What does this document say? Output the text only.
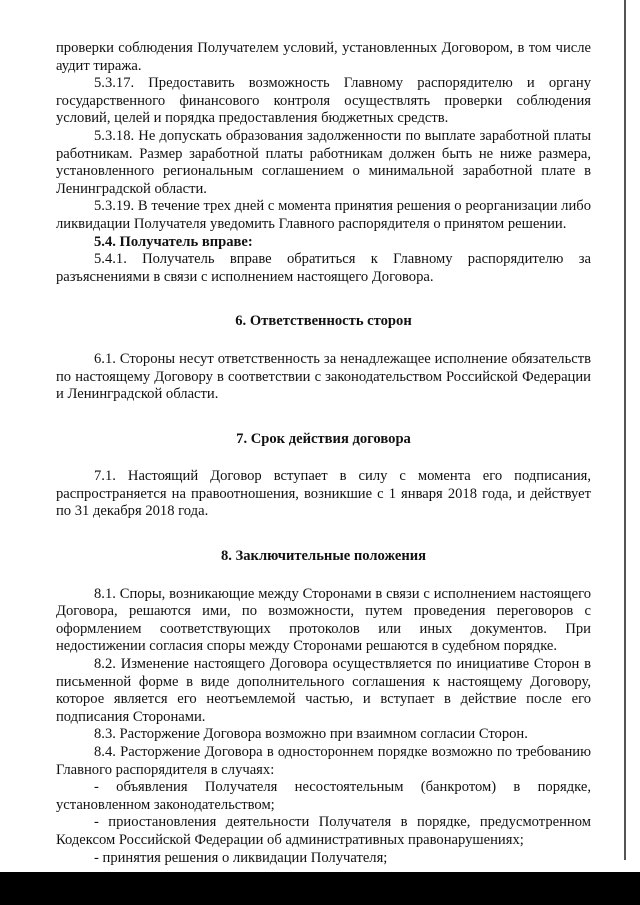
проверки соблюдения Получателем условий, установленных Договором, в том числе аудит тиража.

5.3.17. Предоставить возможность Главному распорядителю и органу государственного финансового контроля осуществлять проверки соблюдения условий, целей и порядка предоставления бюджетных средств.

5.3.18. Не допускать образования задолженности по выплате заработной платы работникам. Размер заработной платы работникам должен быть не ниже размера, установленного региональным соглашением о минимальной заработной плате в Ленинградской области.

5.3.19. В течение трех дней с момента принятия решения о реорганизации либо ликвидации Получателя уведомить Главного распорядителя о принятом решении.

5.4. Получатель вправе:

5.4.1. Получатель вправе обратиться к Главному распорядителю за разъяснениями в связи с исполнением настоящего Договора.

6. Ответственность сторон

6.1. Стороны несут ответственность за ненадлежащее исполнение обязательств по настоящему Договору в соответствии с законодательством Российской Федерации и Ленинградской области.

7. Срок действия договора

7.1. Настоящий Договор вступает в силу с момента его подписания, распространяется на правоотношения, возникшие с 1 января 2018 года, и действует по 31 декабря 2018 года.

8. Заключительные положения

8.1. Споры, возникающие между Сторонами в связи с исполнением настоящего Договора, решаются ими, по возможности, путем проведения переговоров с оформлением соответствующих протоколов или иных документов. При недостижении согласия споры между Сторонами решаются в судебном порядке.

8.2. Изменение настоящего Договора осуществляется по инициативе Сторон в письменной форме в виде дополнительного соглашения к настоящему Договору, которое является его неотъемлемой частью, и вступает в действие после его подписания Сторонами.

8.3. Расторжение Договора возможно при взаимном согласии Сторон.

8.4. Расторжение Договора в одностороннем порядке возможно по требованию Главного распорядителя в случаях:

- объявления Получателя несостоятельным (банкротом) в порядке, установленном законодательством;

- приостановления деятельности Получателя в порядке, предусмотренном Кодексом Российской Федерации об административных правонарушениях;

- принятия решения о ликвидации Получателя;
